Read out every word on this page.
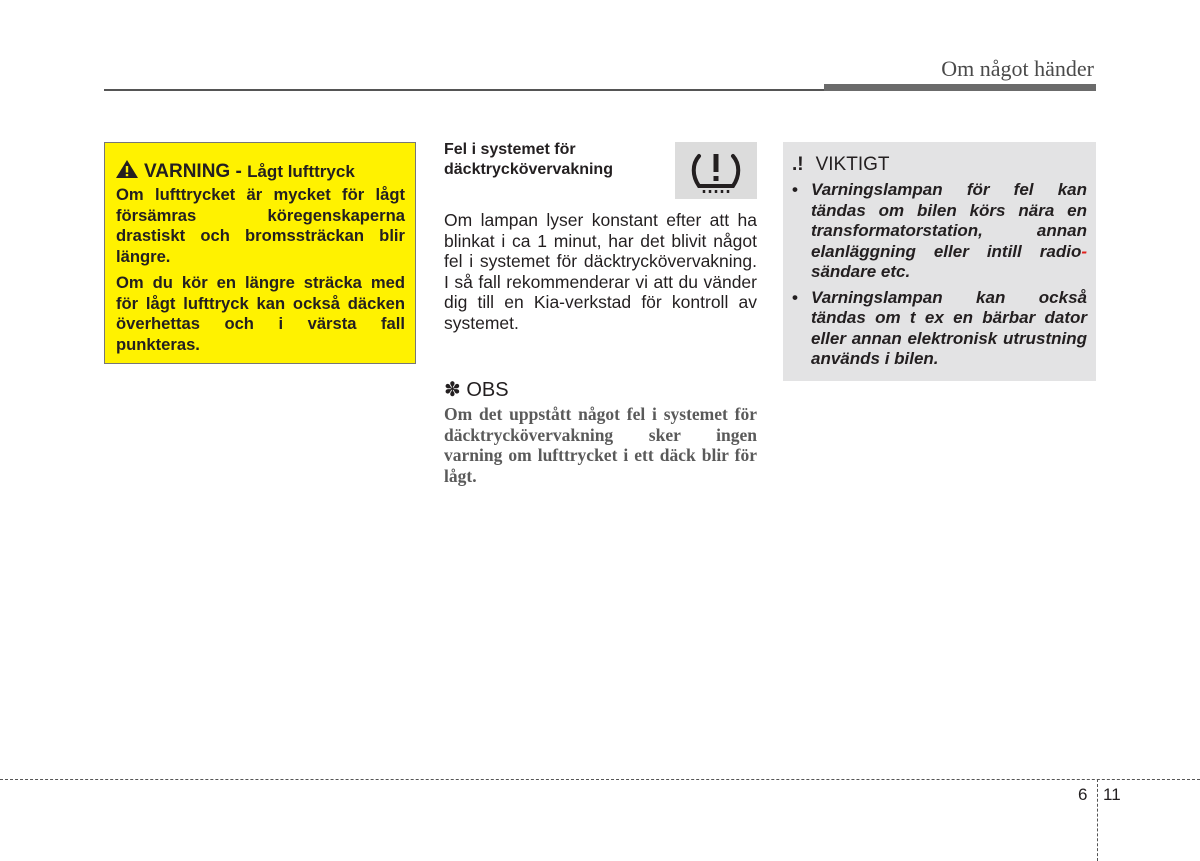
Om något händer
VARNING - Lågt lufttryck

Om lufttrycket är mycket för lågt försämras köregenskaperna drastiskt och bromssträckan blir längre.

Om du kör en längre sträcka med för lågt lufttryck kan också däcken överhettas och i värsta fall punkteras.

Fel i systemet för
däcktryckövervakning

Om lampan lyser konstant efter att ha blinkat i ca 1 minut, har det blivit något fel i systemet för däcktryckövervakning. I så fall rekommenderar vi att du vänder dig till en Kia-verkstad för kontroll av systemet.

✽ OBS

Om det uppstått något fel i systemet för däcktryckövervakning sker ingen varning om lufttrycket i ett däck blir för lågt.

.! VIKTIGT
• Varningslampan för fel kan tändas om bilen körs nära en transformatorstation, annan elanläggning eller intill radio- sändare etc.
• Varningslampan kan också tändas om t ex en bärbar dator eller annan elektronisk utrustning används i bilen.
6 11
